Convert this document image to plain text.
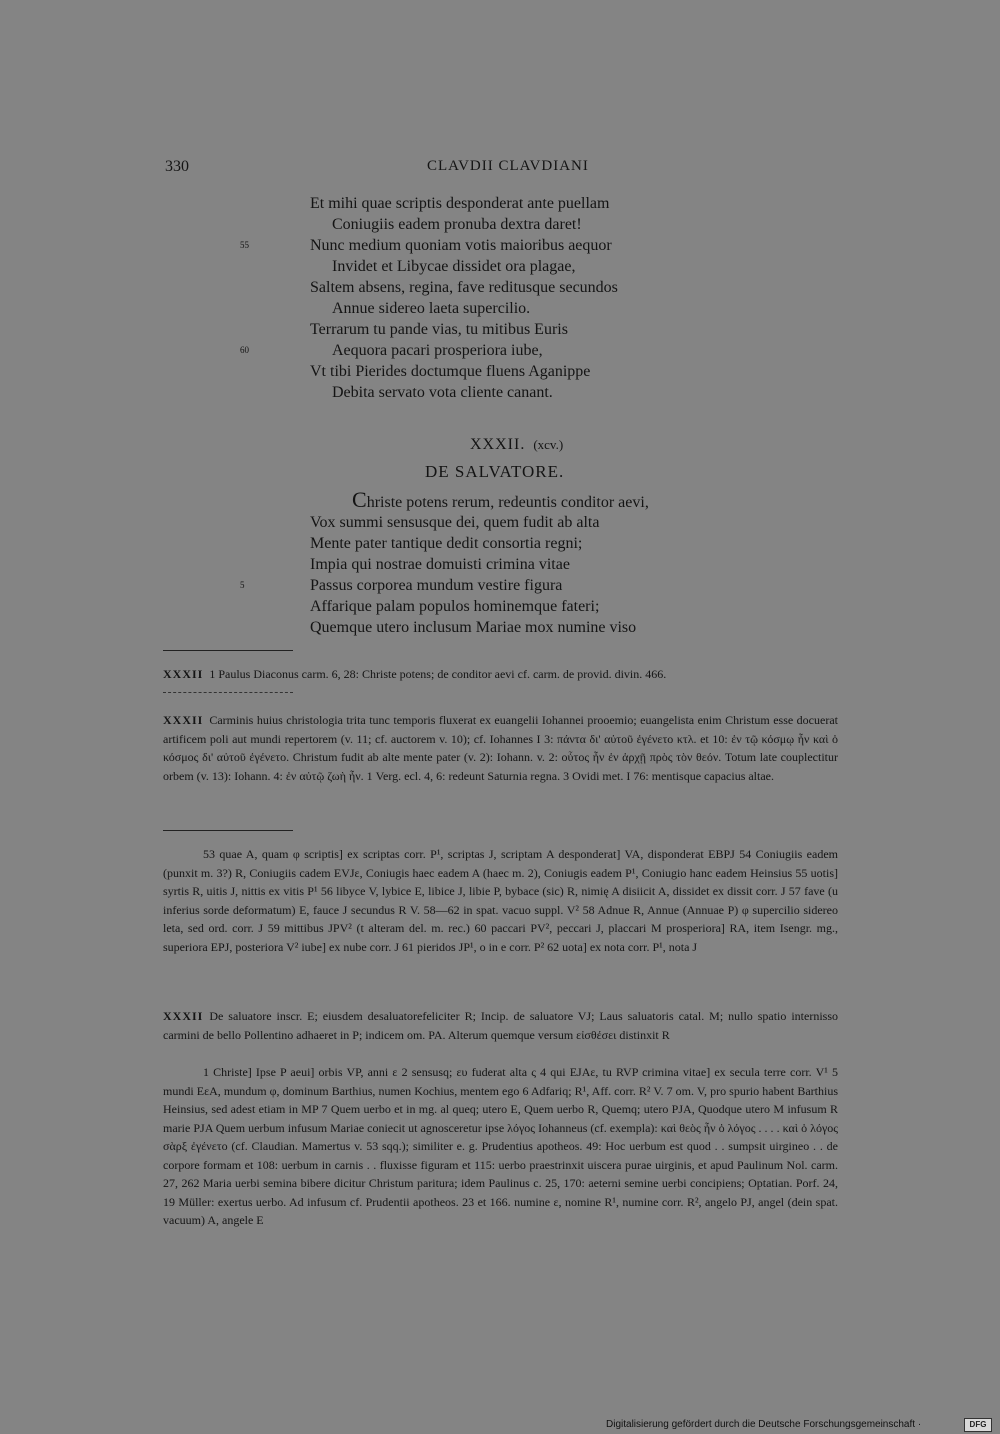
330	CLAVDII CLAVDIANI
Et mihi quae scriptis desponderat ante puellam
Coniugiis eadem pronuba dextra daret!
55	Nunc medium quoniam votis maioribus aequor
Invidet et Libycae dissidet ora plagae,
Saltem absens, regina, fave reditusque secundos
Annue sidereo laeta supercilio.
Terrarum tu pande vias, tu mitibus Euris
60	Aequora pacari prosperiora iube,
Vt tibi Pierides doctumque fluens Aganippe
Debita servato vota cliente canant.
XXXII. (xcv.)
DE SALVATORE.
Christe potens rerum, redeuntis conditor aevi,
Vox summi sensusque dei, quem fudit ab alta
Mente pater tantique dedit consortia regni;
Impia qui nostrae domuisti crimina vitae
5	Passus corporea mundum vestire figura
Affarique palam populos hominemque fateri;
Quemque utero inclusum Mariae mox numine viso
XXXII 1 Paulus Diaconus carm. 6, 28: Christe potens; de conditor aevi cf. carm. de provid. divin. 466.
XXXII Carminis huius christologia trita tunc temporis fluxerat ex euangelii Iohannei prooemio; euangelista enim Christum esse docuerat artificem poli aut mundi repertorem (v. 11; cf. auctorem v. 10); cf. Iohannes I 3: πάντα δι' αὐτοῦ ἐγένετο κτλ. et 10: ἐν τῷ κόσμῳ ἦν καὶ ὁ κόσμος δι' αὐτοῦ ἐγένετο. Christum fudit ab alte mente pater (v. 2): Iohann. v. 2: οὗτος ἦν ἐν ἀρχῇ πρὸς τὸν θεόν. Totum late couplectitur orbem (v. 13): Iohann. 4: ἐν αὐτῷ ζωὴ ἦν. 1 Verg. ecl. 4, 6: redeunt Saturnia regna. 3 Ovidi met. I 76: mentisque capacius altae.
53 quae A, quam φ scriptis] ex scriptas corr. P¹, scriptas J, scriptam A desponderat] VA, disponderat EBPJ 54 Coniugiis eadem (punxit m. 3?) R, Coniugiis cadem EVJε, Coniugis haec eadem A (haec m. 2), Coniugis eadem P¹, Coniugio hanc eadem Heinsius 55 uotis] syrtis R, uitis J, nittis ex vitis P¹ 56 libyce V, lybice E, libice J, libie P, bybace (sic) R, nimię A disiicit A, dissidet ex dissit corr. J 57 fave (u inferius sorde deformatum) E, fauce J secundus R V. 58—62 in spat. vacuo suppl. V² 58 Adnue R, Annue (Annuae P) φ supercilio sidereo leta, sed ord. corr. J 59 mittibus JPV² (t alteram del. m. rec.) 60 paccari PV², peccari J, placcari M prosperiora] RA, item Isengr. mg., superiora EPJ, posteriora V² iube] ex nube corr. J 61 pieridos JP¹, o in e corr. P² 62 uota] ex nota corr. P¹, nota J
XXXII De saluatore inscr. E; eiusdem desaluatorefeliciter R; Incip. de saluatore VJ; Laus saluatoris catal. M; nullo spatio internisso carmini de bello Pollentino adhaeret in P; indicem om. PA. Alterum quemque versum εἰσθέσει distinxit R
1 Christe] Ipse P aeui] orbis VP, anni ε 2 sensusq; ευ fuderat alta ς 4 qui EJAε, tu RVP crimina vitae] ex secula terre corr. V¹ 5 mundi EεA, mundum φ, dominum Barthius, numen Kochius, mentem ego 6 Adfariq; R¹, Aff. corr. R² V. 7 om. V, pro spurio habent Barthius Heinsius, sed adest etiam in MP 7 Quem uerbo et in mg. al queq; utero E, Quem uerbo R, Quemq; utero PJA, Quodque utero M infusum R marie PJA Quem uerbum infusum Mariae coniecit ut agnosceretur ipse λόγος Iohanneus (cf. exempla): καὶ θεὸς ἦν ὁ λόγος . . . . καὶ ὁ λόγος σὰρξ ἐγένετο (cf. Claudian. Mamertus v. 53 sqq.); similiter e. g. Prudentius apotheos. 49: Hoc uerbum est quod . . sumpsit uirgineo . . de corpore formam et 108: uerbum in carnis . . fluxisse figuram et 115: uerbo praestrinxit uiscera purae uirginis, et apud Paulinum Nol. carm. 27, 262 Maria uerbi semina bibere dicitur Christum paritura; idem Paulinus c. 25, 170: aeterni semine uerbi concipiens; Optatian. Porf. 24, 19 Müller: exertus uerbo. Ad infusum cf. Prudentii apotheos. 23 et 166. numine ε, nomine R¹, numine corr. R², angelo PJ, angel (dein spat. vacuum) A, angele E
Digitalisierung gefördert durch die Deutsche Forschungsgemeinschaft ·	DFG
